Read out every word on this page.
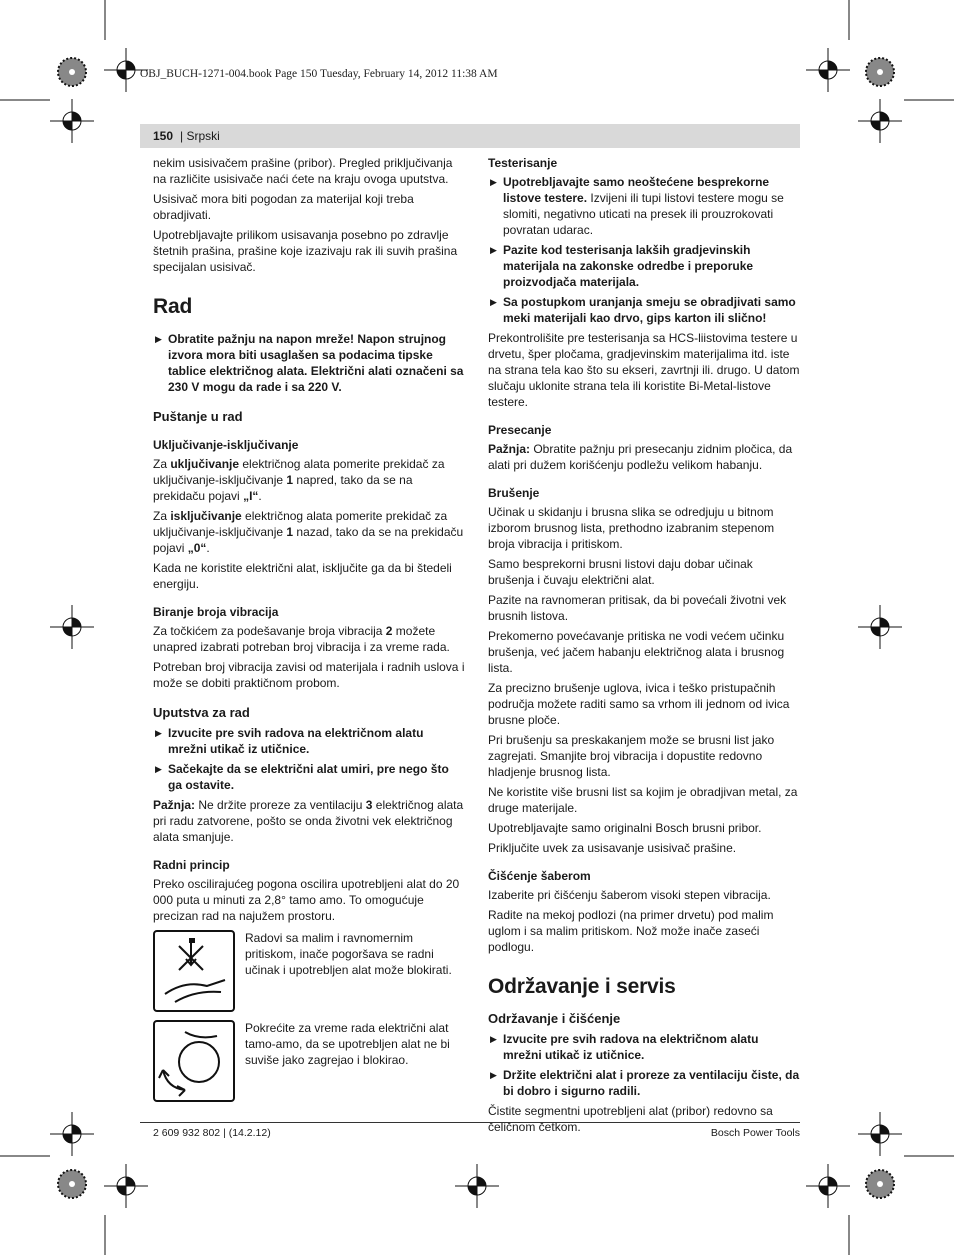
OBJ_BUCH-1271-004.book Page 150 Tuesday, February 14, 2012 11:38 AM
150 | Srpski

nekim usisivačem prašine (pribor). Pregled priključivanja na različite usisivače naći ćete na kraju ovoga uputstva.

Usisivač mora biti pogodan za materijal koji treba obradjivati.

Upotrebljavajte prilikom usisavanja posebno po zdravlje štetnih prašina, prašine koje izazivaju rak ili suvih prašina specijalan usisivač.

Rad
▶ Obratite pažnju na napon mreže! Napon strujnog izvora mora biti usaglašen sa podacima tipske tablice električnog alata. Električni alati označeni sa 230 V mogu da rade i sa 220 V.
Puštanje u rad
Uključivanje-isključivanje

Za uključivanje električnog alata pomerite prekidač za uključivanje-isključivanje 1 napred, tako da se na prekidaču pojavi „I“.

Za isključivanje električnog alata pomerite prekidač za uključivanje-isključivanje 1 nazad, tako da se na prekidaču pojavi „0“.

Kada ne koristite električni alat, isključite ga da bi štedeli energiju.

Biranje broja vibracija

Za točkićem za podešavanje broja vibracija 2 možete unapred izabrati potreban broj vibracija i za vreme rada.

Potreban broj vibracija zavisi od materijala i radnih uslova i može se dobiti praktičnom probom.

Uputstva za rad
▶ Izvucite pre svih radova na električnom alatu mrežni utikač iz utičnice.
▶ Sačekajte da se električni alat umiri, pre nego što ga ostavite.

Pažnja: Ne držite proreze za ventilaciju 3 električnog alata pri radu zatvorene, pošto se onda životni vek električnog alata smanjuje.

Radni princip

Preko oscilirajućeg pogona oscilira upotrebljeni alat do 20 000 puta u minuti za 2,8° tamo amo. To omogućuje precizan rad na najužem prostoru.

Radovi sa malim i ravnomernim pritiskom, inače pogoršava se radni učinak i upotrebljen alat može blokirati.
Pokrećite za vreme rada električni alat tamo-amo, da se upotrebljen alat ne bi suviše jako zagrejao i blokirao.
Testerisanje
▶ Upotrebljavajte samo neoštećene besprekorne listove testere. Izvijeni ili tupi listovi testere mogu se slomiti, negativno uticati na presek ili prouzrokovati povratan udarac.
▶ Pazite kod testerisanja lakših gradjevinskih materijala na zakonske odredbe i preporuke proizvodjača materijala.
▶ Sa postupkom uranjanja smeju se obradjivati samo meki materijali kao drvo, gips karton ili slično!

Prekontrolišite pre testerisanja sa HCS-liistovima testere u drvetu, šper pločama, gradjevinskim materijalima itd. iste na strana tela kao što su ekseri, zavrtnji ili. drugo. U datom slučaju uklonite strana tela ili koristite Bi-Metal-listove testere.

Presecanje

Pažnja: Obratite pažnju pri presecanju zidnim pločica, da alati pri dužem korišćenju podležu velikom habanju.

Brušenje

Učinak u skidanju i brusna slika se odredjuju u bitnom izborom brusnog lista, prethodno izabranim stepenom broja vibracija i pritiskom.

Samo besprekorni brusni listovi daju dobar učinak brušenja i čuvaju električni alat.

Pazite na ravnomeran pritisak, da bi povećali životni vek brusnih listova.

Prekomerno povećavanje pritiska ne vodi većem učinku brušenja, već jačem habanju električnog alata i brusnog lista.

Za precizno brušenje uglova, ivica i teško pristupačnih područja možete raditi samo sa vrhom ili jednom od ivica brusne ploče.

Pri brušenju sa preskakanjem može se brusni list jako zagrejati. Smanjite broj vibracija i dopustite redovno hladjenje brusnog lista.

Ne koristite više brusni list sa kojim je obradjivan metal, za druge materijale.

Upotrebljavajte samo originalni Bosch brusni pribor.

Priključite uvek za usisavanje usisivač prašine.

Čišćenje šaberom

Izaberite pri čišćenju šaberom visoki stepen vibracija.

Radite na mekoj podlozi (na primer drvetu) pod malim uglom i sa malim pritiskom. Nož može inače zaseći podlogu.

Održavanje i servis
Održavanje i čišćenje
▶ Izvucite pre svih radova na električnom alatu mrežni utikač iz utičnice.
▶ Držite električni alat i proreze za ventilaciju čiste, da bi dobro i sigurno radili.

Čistite segmentni upotrebljeni alat (pribor) redovno sa čeličnom četkom.

2 609 932 802 | (14.2.12)	Bosch Power Tools
